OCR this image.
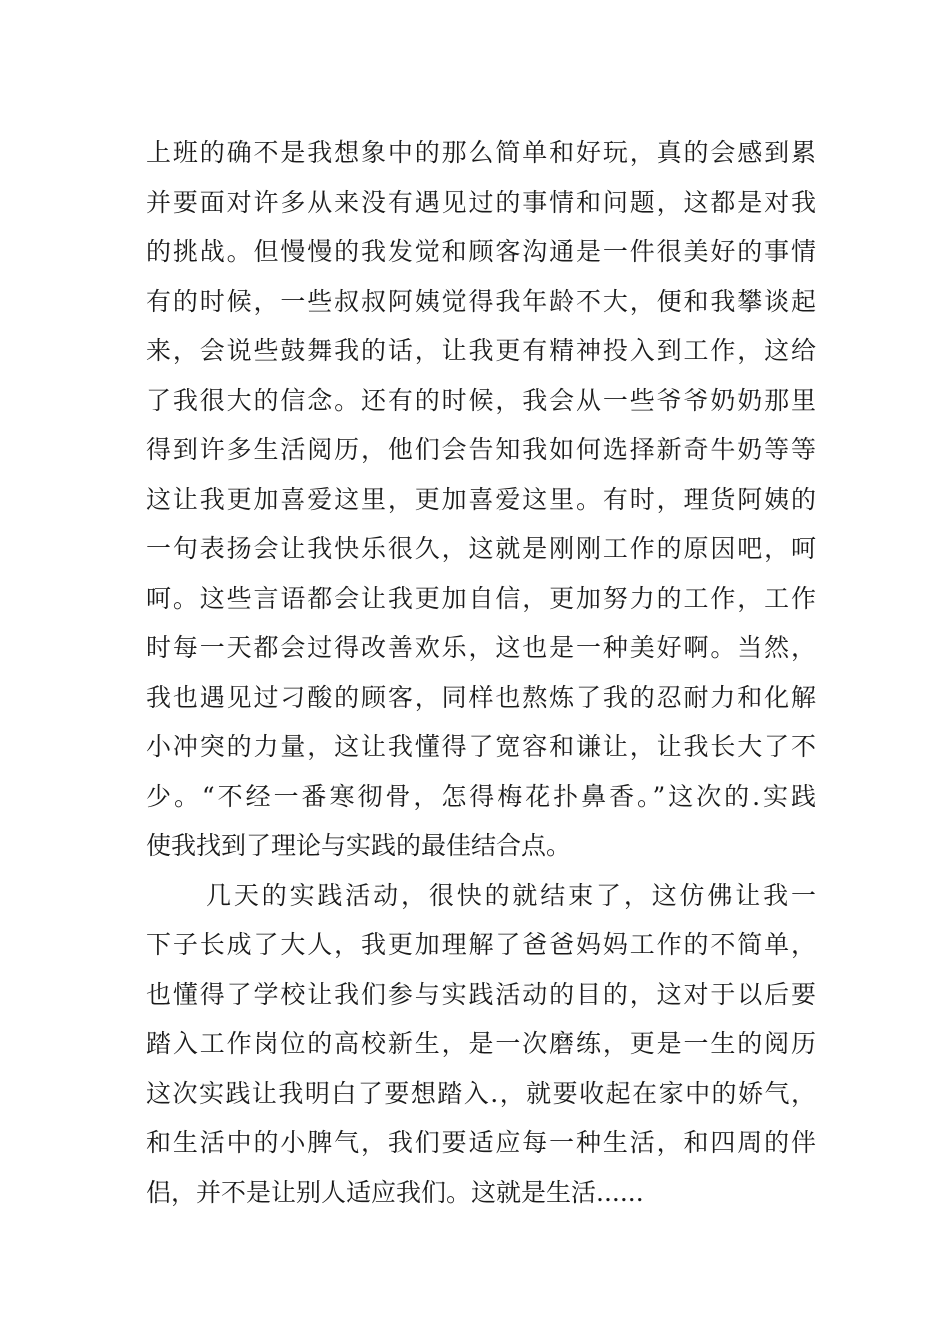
上班的确不是我想象中的那么简单和好玩，真的会感到累
并要面对许多从来没有遇见过的事情和问题，这都是对我
的挑战。但慢慢的我发觉和顾客沟通是一件很美好的事情
有的时候，一些叔叔阿姨觉得我年龄不大，便和我攀谈起
来，会说些鼓舞我的话，让我更有精神投入到工作，这给
了我很大的信念。还有的时候，我会从一些爷爷奶奶那里
得到许多生活阅历，他们会告知我如何选择新奇牛奶等等
这让我更加喜爱这里，更加喜爱这里。有时，理货阿姨的
一句表扬会让我快乐很久，这就是刚刚工作的原因吧，呵
呵。这些言语都会让我更加自信，更加努力的工作，工作
时每一天都会过得改善欢乐，这也是一种美好啊。当然，
我也遇见过刁酸的顾客，同样也熬炼了我的忍耐力和化解
小冲突的力量，这让我懂得了宽容和谦让，让我长大了不
少。“不经一番寒彻骨，怎得梅花扑鼻香。”这次的.实践
使我找到了理论与实践的最佳结合点。
几天的实践活动，很快的就结束了，这仿佛让我一
下子长成了大人，我更加理解了爸爸妈妈工作的不简单，
也懂得了学校让我们参与实践活动的目的，这对于以后要
踏入工作岗位的高校新生，是一次磨练，更是一生的阅历
这次实践让我明白了要想踏入.，就要收起在家中的娇气，
和生活中的小脾气，我们要适应每一种生活，和四周的伴
侣，并不是让别人适应我们。这就是生活......
